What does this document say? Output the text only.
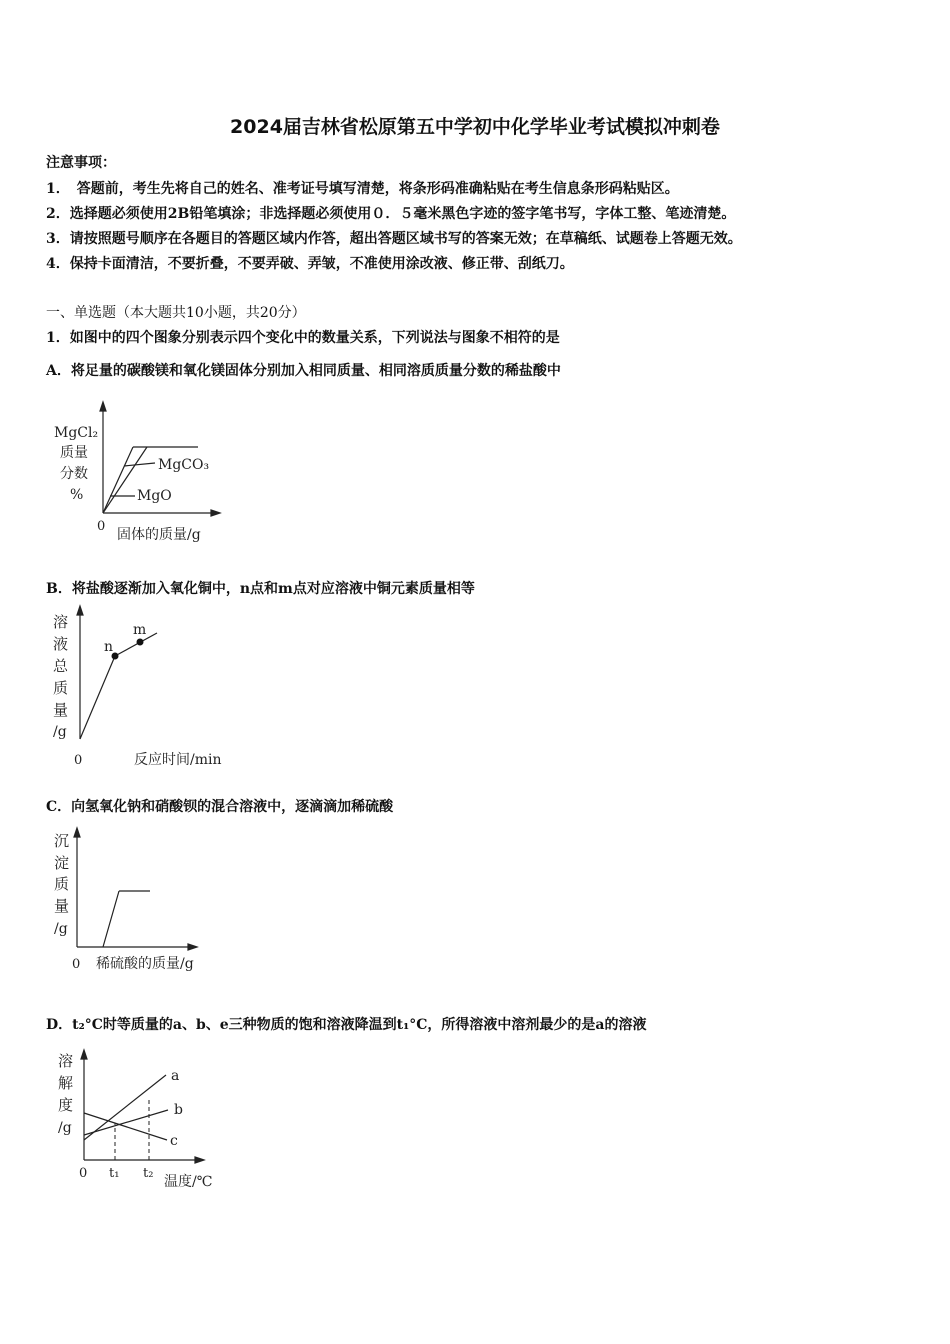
2024届吉林省松原第五中学初中化学毕业考试模拟冲刺卷
注意事项：
1．　答题前，考生先将自己的姓名、准考证号填写清楚，将条形码准确粘贴在考生信息条形码粘贴区。
2．选择题必须使用2B铅笔填涂；非选择题必须使用０．５毫米黑色字迹的签字笔书写，字体工整、笔迹清楚。
3．请按照题号顺序在各题目的答题区域内作答，超出答题区域书写的答案无效；在草稿纸、试题卷上答题无效。
4．保持卡面清洁，不要折叠，不要弄破、弄皱，不准使用涂改液、修正带、刮纸刀。
一、单选题（本大题共10小题，共20分）
1．如图中的四个图象分别表示四个变化中的数量关系，下列说法与图象不相符的是
A．将足量的碳酸镁和氧化镁固体分别加入相同质量、相同溶质质量分数的稀盐酸中
MgCl₂
质量
分数
%
0
固体的质量/g
MgCO₃
MgO
B．将盐酸逐渐加入氧化铜中，n点和m点对应溶液中铜元素质量相等
n
m
溶
液
总
质
量
/g
0	反应时间/min
C．向氢氧化钠和硝酸钡的混合溶液中，逐滴滴加稀硫酸
沉
淀
质
量
/g
0 稀硫酸的质量/g
D．t₂°C时等质量的a、b、e三种物质的饱和溶液降温到t₁°C，所得溶液中溶剂最少的是a的溶液
a
b
c
溶
解
度
/g
0 t₁ t₂
温度/℃
